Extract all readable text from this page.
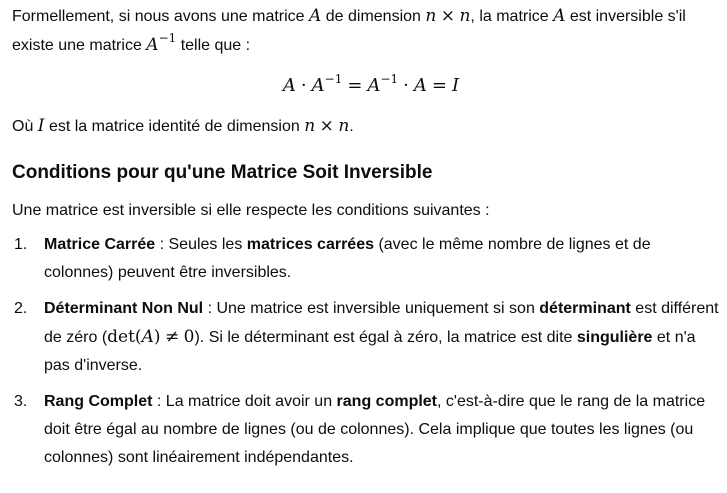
Formellement, si nous avons une matrice A de dimension n × n, la matrice A est inversible s'il existe une matrice $A^{-1}$ telle que :

$A \cdot A^{-1} = A^{-1} \cdot A = I$

Où I est la matrice identité de dimension n × n.

Conditions pour qu'une Matrice Soit Inversible

Une matrice est inversible si elle respecte les conditions suivantes :

1. Matrice Carrée : Seules les matrices carrées (avec le même nombre de lignes et de colonnes) peuvent être inversibles.
2. Déterminant Non Nul : Une matrice est inversible uniquement si son déterminant est différent de zéro (det(A) ≠ 0). Si le déterminant est égal à zéro, la matrice est dite singulière et n'a pas d'inverse.
3. Rang Complet : La matrice doit avoir un rang complet, c'est-à-dire que le rang de la matrice doit être égal au nombre de lignes (ou de colonnes). Cela implique que toutes les lignes (ou colonnes) sont linéairement indépendantes.
